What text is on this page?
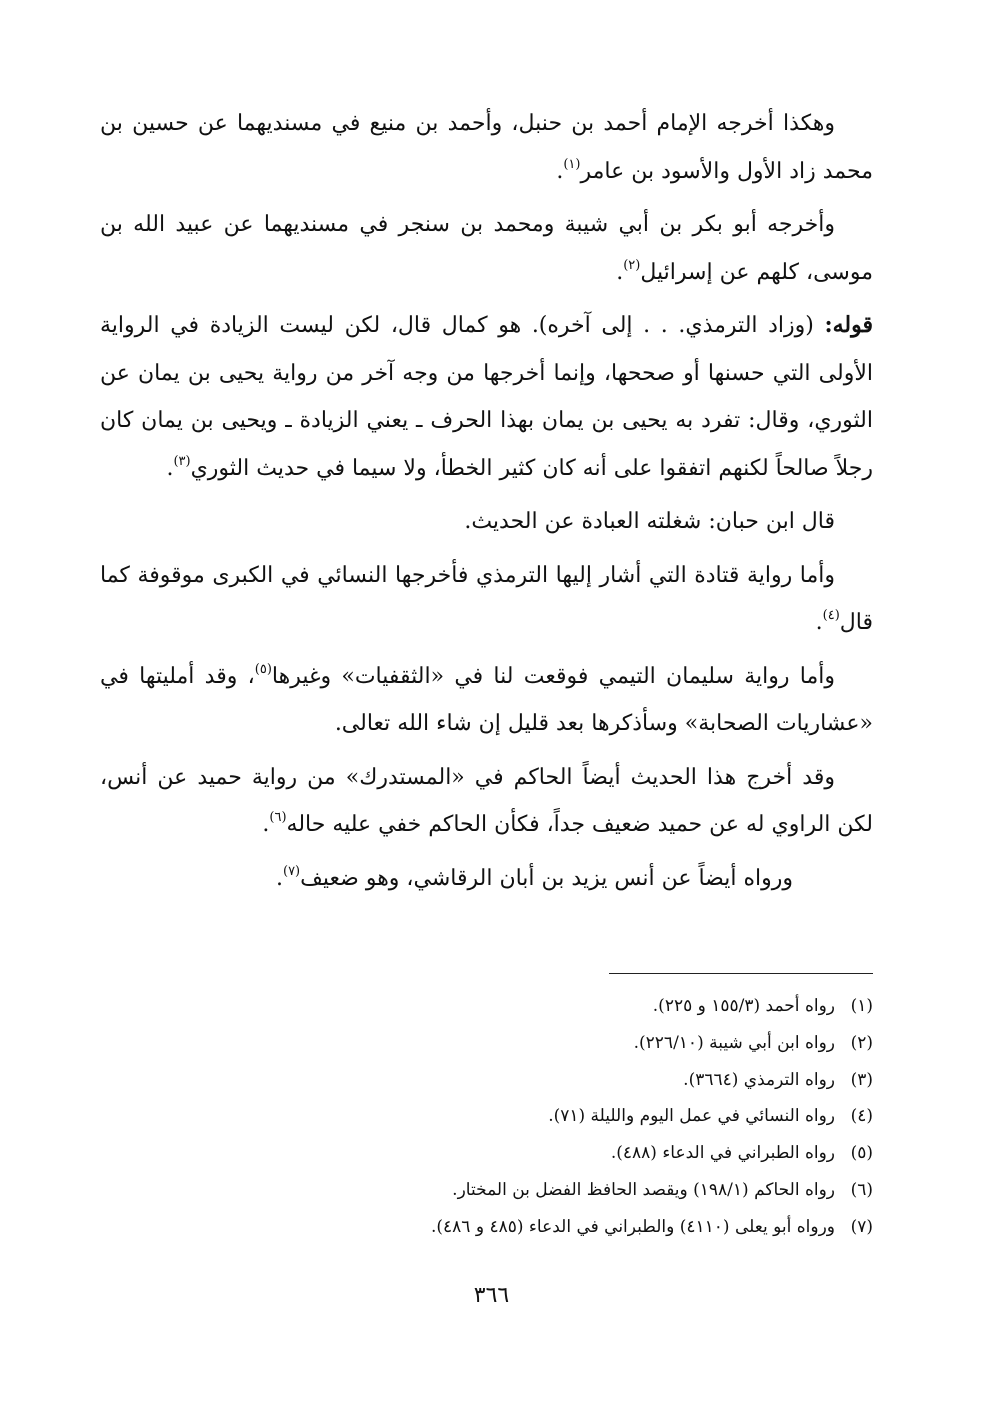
وهكذا أخرجه الإمام أحمد بن حنبل، وأحمد بن منيع في مسنديهما عن حسين بن محمد زاد الأول والأسود بن عامر$^{(١)}$.

وأخرجه أبو بكر بن أبي شيبة ومحمد بن سنجر في مسنديهما عن عبيد الله بن موسى، كلهم عن إسرائيل$^{(٢)}$.

قوله: (وزاد الترمذي. . . إلى آخره). هو كمال قال، لكن ليست الزيادة في الرواية الأولى التي حسنها أو صححها، وإنما أخرجها من وجه آخر من رواية يحيى بن يمان عن الثوري، وقال: تفرد به يحيى بن يمان بهذا الحرف ـ يعني الزيادة ـ ويحيى بن يمان كان رجلاً صالحاً لكنهم اتفقوا على أنه كان كثير الخطأ، ولا سيما في حديث الثوري$^{(٣)}$.

قال ابن حبان: شغلته العبادة عن الحديث.

وأما رواية قتادة التي أشار إليها الترمذي فأخرجها النسائي في الكبرى موقوفة كما قال$^{(٤)}$.

وأما رواية سليمان التيمي فوقعت لنا في «الثقفيات» وغيرها$^{(٥)}$، وقد أمليتها في «عشاريات الصحابة» وسأذكرها بعد قليل إن شاء الله تعالى.

وقد أخرج هذا الحديث أيضاً الحاكم في «المستدرك» من رواية حميد عن أنس، لكن الراوي له عن حميد ضعيف جداً، فكأن الحاكم خفي عليه حاله$^{(٦)}$.

ورواه أيضاً عن أنس يزيد بن أبان الرقاشي، وهو ضعيف$^{(٧)}$.

(١)رواه أحمد (١٥٥/٣ و ٢٢٥).
(٢)رواه ابن أبي شيبة (٢٢٦/١٠).
(٣)رواه الترمذي (٣٦٦٤).
(٤)رواه النسائي في عمل اليوم والليلة (٧١).
(٥)رواه الطبراني في الدعاء (٤٨٨).
(٦)رواه الحاكم (١٩٨/١) ويقصد الحافظ الفضل بن المختار.
(٧)ورواه أبو يعلى (٤١١٠) والطبراني في الدعاء (٤٨٥ و ٤٨٦).
٣٦٦
